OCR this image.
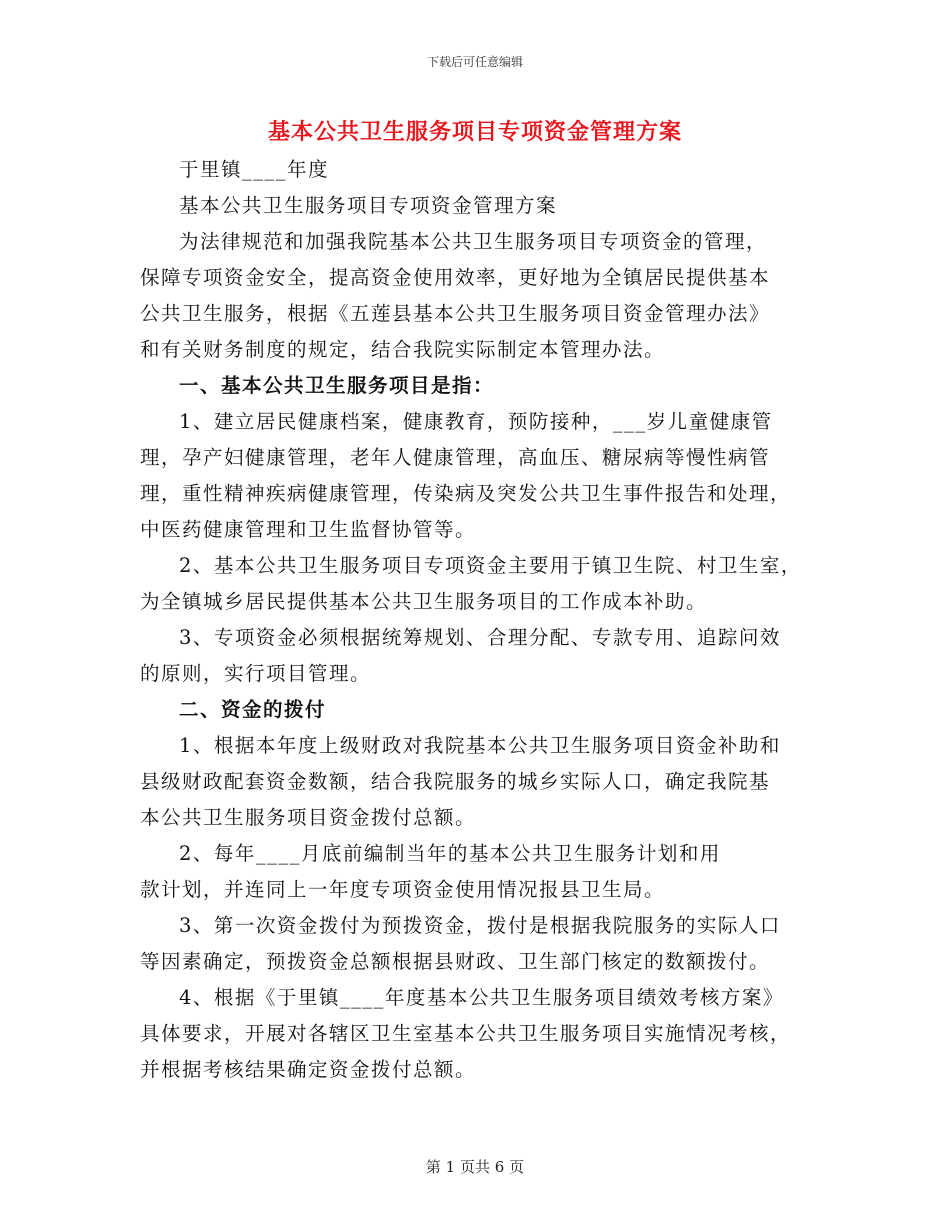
下载后可任意编辑
基本公共卫生服务项目专项资金管理方案

于里镇____年度

基本公共卫生服务项目专项资金管理方案

为法律规范和加强我院基本公共卫生服务项目专项资金的管理，

保障专项资金安全，提高资金使用效率，更好地为全镇居民提供基本

公共卫生服务，根据《五莲县基本公共卫生服务项目资金管理办法》

和有关财务制度的规定，结合我院实际制定本管理办法。

一、基本公共卫生服务项目是指：

1、建立居民健康档案，健康教育，预防接种，___岁儿童健康管

理，孕产妇健康管理，老年人健康管理，高血压、糖尿病等慢性病管

理，重性精神疾病健康管理，传染病及突发公共卫生事件报告和处理，

中医药健康管理和卫生监督协管等。

2、基本公共卫生服务项目专项资金主要用于镇卫生院、村卫生室，

为全镇城乡居民提供基本公共卫生服务项目的工作成本补助。

3、专项资金必须根据统筹规划、合理分配、专款专用、追踪问效

的原则，实行项目管理。

二、资金的拨付

1、根据本年度上级财政对我院基本公共卫生服务项目资金补助和

县级财政配套资金数额，结合我院服务的城乡实际人口，确定我院基

本公共卫生服务项目资金拨付总额。

2、每年____月底前编制当年的基本公共卫生服务计划和用

款计划，并连同上一年度专项资金使用情况报县卫生局。

3、第一次资金拨付为预拨资金，拨付是根据我院服务的实际人口

等因素确定，预拨资金总额根据县财政、卫生部门核定的数额拨付。

4、根据《于里镇____年度基本公共卫生服务项目绩效考核方案》

具体要求，开展对各辖区卫生室基本公共卫生服务项目实施情况考核，

并根据考核结果确定资金拨付总额。

第 1 页共 6 页
